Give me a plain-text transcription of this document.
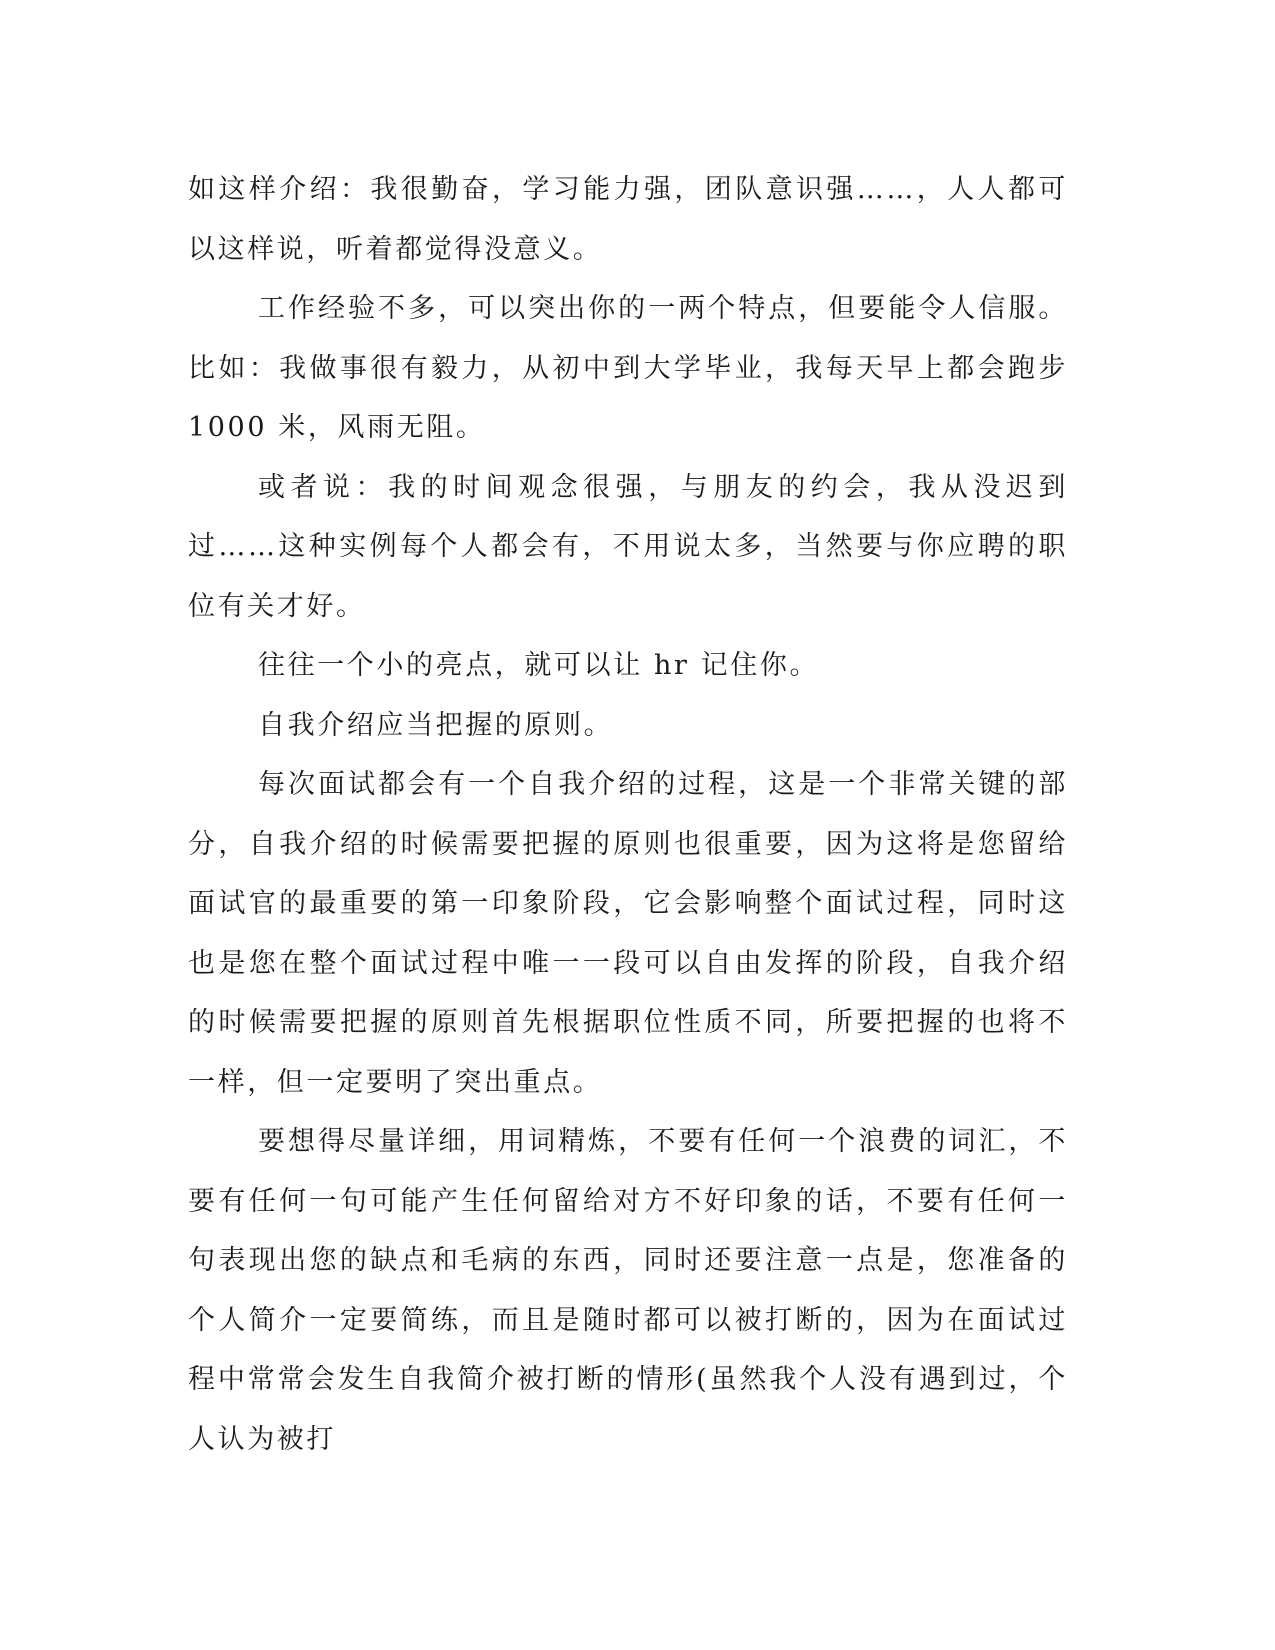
如这样介绍：我很勤奋，学习能力强，团队意识强……，人人都可以这样说，听着都觉得没意义。

工作经验不多，可以突出你的一两个特点，但要能令人信服。比如：我做事很有毅力，从初中到大学毕业，我每天早上都会跑步 1000 米，风雨无阻。

或者说：我的时间观念很强，与朋友的约会，我从没迟到过……这种实例每个人都会有，不用说太多，当然要与你应聘的职位有关才好。

往往一个小的亮点，就可以让 hr 记住你。

自我介绍应当把握的原则。

每次面试都会有一个自我介绍的过程，这是一个非常关键的部分，自我介绍的时候需要把握的原则也很重要，因为这将是您留给面试官的最重要的第一印象阶段，它会影响整个面试过程，同时这也是您在整个面试过程中唯一一段可以自由发挥的阶段，自我介绍的时候需要把握的原则首先根据职位性质不同，所要把握的也将不一样，但一定要明了突出重点。

要想得尽量详细，用词精炼，不要有任何一个浪费的词汇，不要有任何一句可能产生任何留给对方不好印象的话，不要有任何一句表现出您的缺点和毛病的东西，同时还要注意一点是，您准备的个人简介一定要简练，而且是随时都可以被打断的，因为在面试过程中常常会发生自我简介被打断的情形(虽然我个人没有遇到过，个人认为被打
